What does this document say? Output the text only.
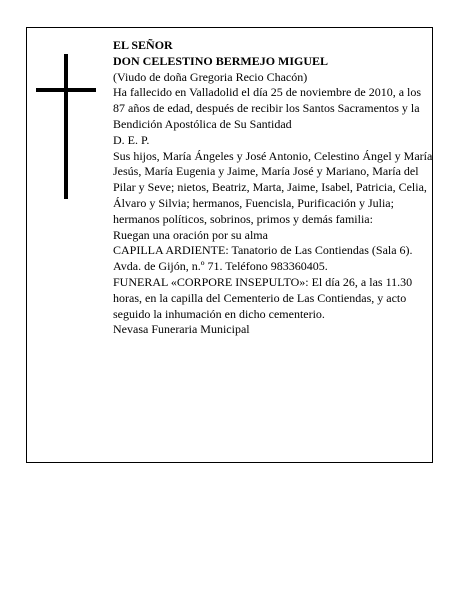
EL SEÑOR

DON CELESTINO BERMEJO MIGUEL

(Viudo de doña Gregoria Recio Chacón)

Ha fallecido en Valladolid el día 25 de noviembre de 2010, a los 87 años de edad, después de recibir los Santos Sacramentos y la Bendición Apostólica de Su Santidad

D. E. P.

Sus hijos, María Ángeles y José Antonio, Celestino Ángel y María Jesús, María Eugenia y Jaime, María José y Mariano, María del Pilar y Seve; nietos, Beatriz, Marta, Jaime, Isabel, Patricia, Celia, Álvaro y Silvia; hermanos, Fuencisla, Purificación y Julia; hermanos políticos, sobrinos, primos y demás familia:

Ruegan una oración por su alma

CAPILLA ARDIENTE: Tanatorio de Las Contiendas (Sala 6). Avda. de Gijón, n.º 71. Teléfono 983360405.

FUNERAL «CORPORE INSEPULTO»: El día 26, a las 11.30 horas, en la capilla del Cementerio de Las Contiendas, y acto seguido la inhumación en dicho cementerio.

Nevasa Funeraria Municipal
